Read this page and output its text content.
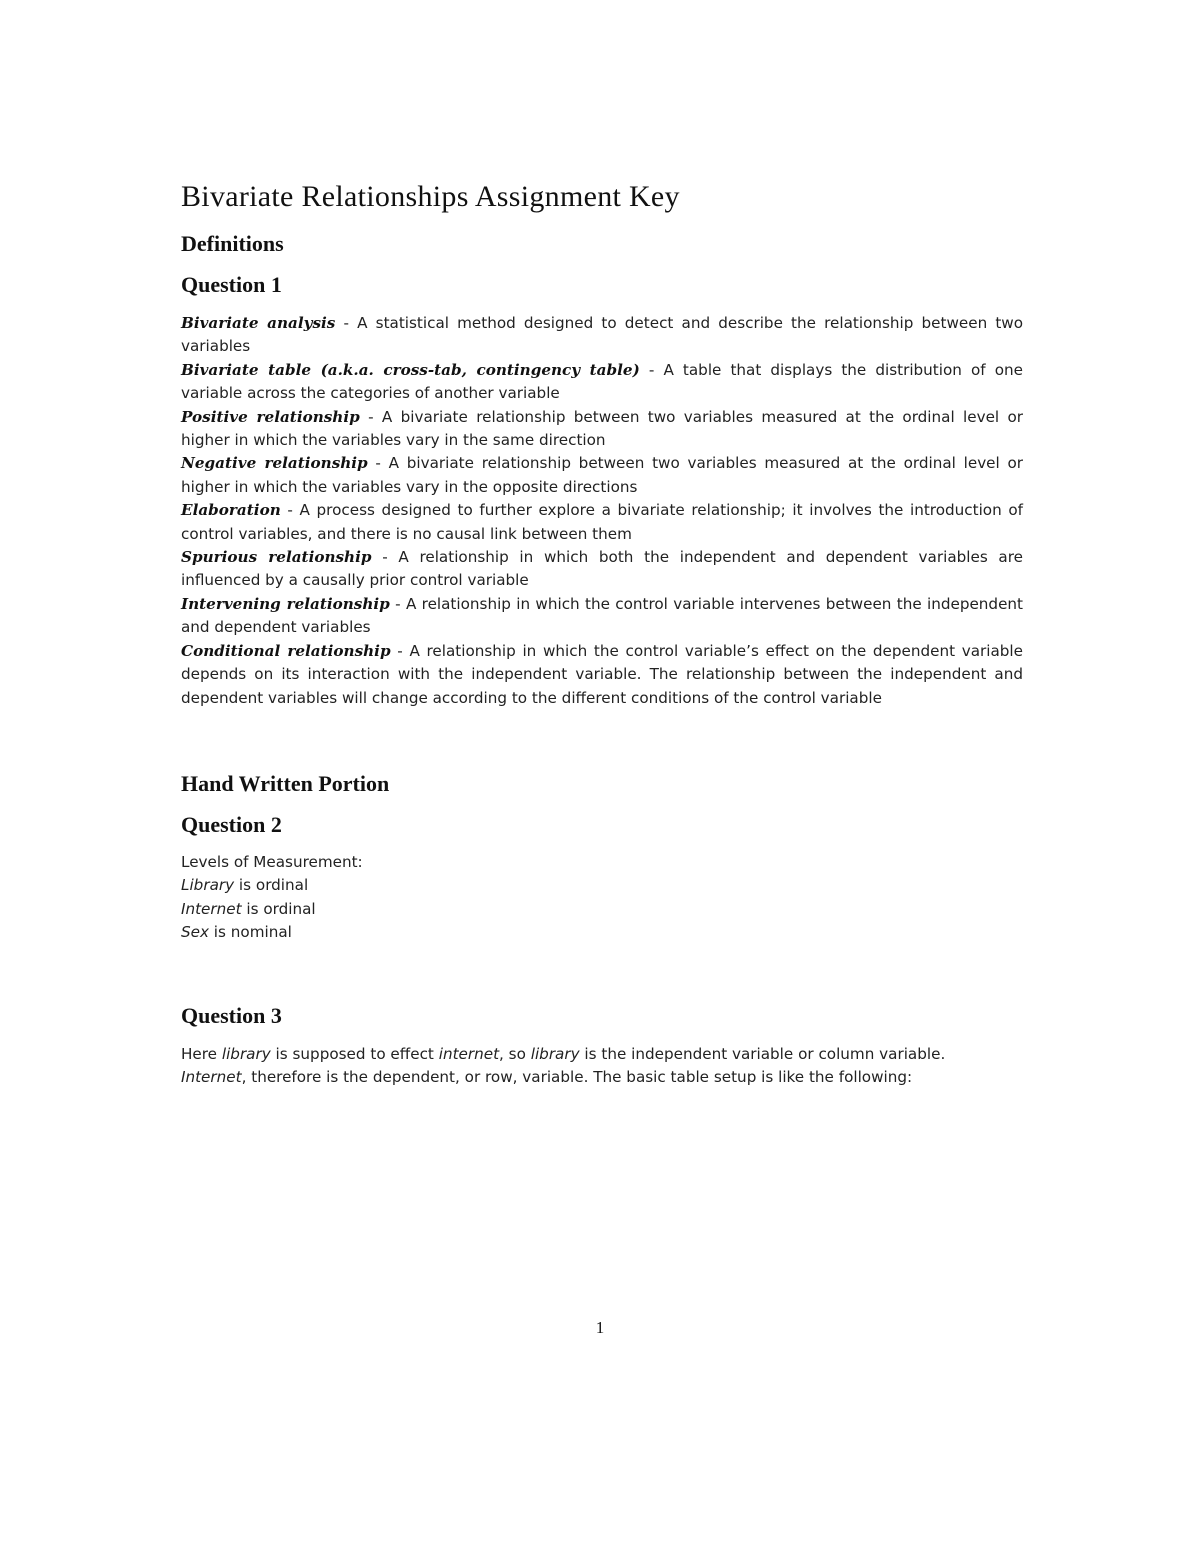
Bivariate Relationships Assignment Key
Definitions
Question 1

Bivariate analysis - A statistical method designed to detect and describe the relationship between two variables

Bivariate table (a.k.a. cross-tab, contingency table) - A table that displays the distribution of one variable across the categories of another variable

Positive relationship - A bivariate relationship between two variables measured at the ordinal level or higher in which the variables vary in the same direction

Negative relationship - A bivariate relationship between two variables measured at the ordinal level or higher in which the variables vary in the opposite directions

Elaboration - A process designed to further explore a bivariate relationship; it involves the introduction of control variables, and there is no causal link between them

Spurious relationship - A relationship in which both the independent and dependent variables are influenced by a causally prior control variable

Intervening relationship - A relationship in which the control variable intervenes between the independent and dependent variables

Conditional relationship - A relationship in which the control variable’s effect on the dependent variable depends on its interaction with the independent variable. The relationship between the independent and dependent variables will change according to the different conditions of the control variable

Hand Written Portion
Question 2

Levels of Measurement:

Library is ordinal

Internet is ordinal

Sex is nominal

Question 3

Here library is supposed to effect internet, so library is the independent variable or column variable.

Internet, therefore is the dependent, or row, variable. The basic table setup is like the following:

1
